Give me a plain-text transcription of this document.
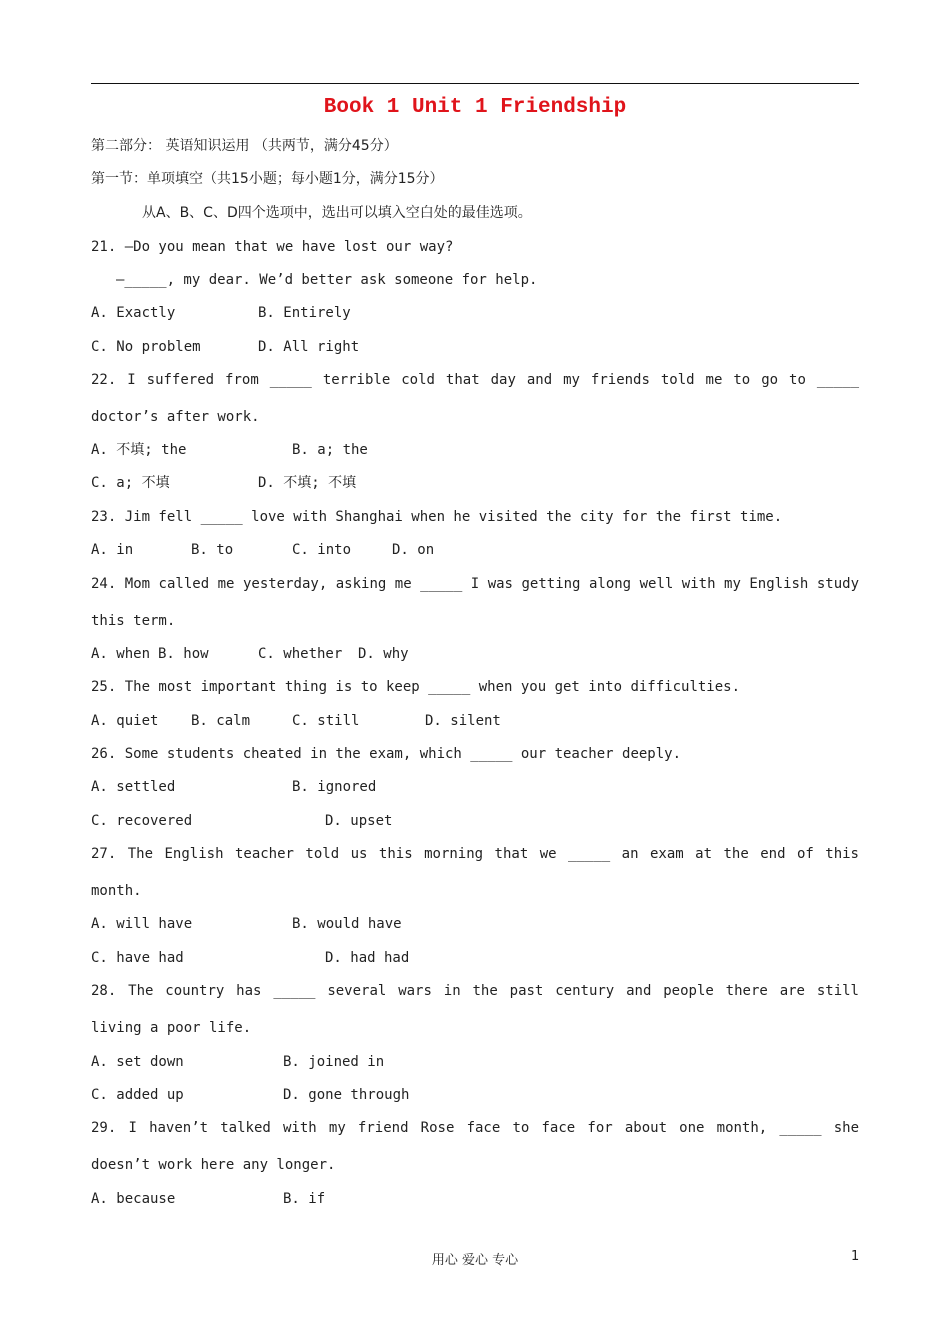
Book 1 Unit 1 Friendship
第二部分： 英语知识运用 （共两节，满分45分）
第一节：单项填空（共15小题；每小题1分，满分15分）
从A、B、C、D四个选项中，选出可以填入空白处的最佳选项。
21. —Do you mean that we have lost our way?
—_____, my dear. We’d better ask someone for help.
A. Exactly	B. Entirely
C. No problem	D. All right
22. I suffered from _____ terrible cold that day and my friends told me to go to _____
doctor’s after work.
A. 不填; the	B. a; the
C. a; 不填	D. 不填; 不填
23. Jim fell _____ love with Shanghai when he visited the city for the first time.
A. in	B. to	C. into	D. on
24. Mom called me yesterday, asking me _____ I was getting along well with my English study
this term.
A. when B. how	C. whether D. why
25. The most important thing is to keep _____ when you get into difficulties.
A. quiet B. calm	C. still	D. silent
26. Some students cheated in the exam, which _____ our teacher deeply.
A. settled	B. ignored
C. recovered	D. upset
27. The English teacher told us this morning that we _____ an exam at the end of this
month.
A. will have	B. would have
C. have had	D. had had
28. The country has _____ several wars in the past century and people there are still
living a poor life.
A. set down	B. joined in
C. added up	D. gone through
29. I haven’t talked with my friend Rose face to face for about one month, _____ she
doesn’t work here any longer.
A. because	B. if
用心 爱心 专心	1
